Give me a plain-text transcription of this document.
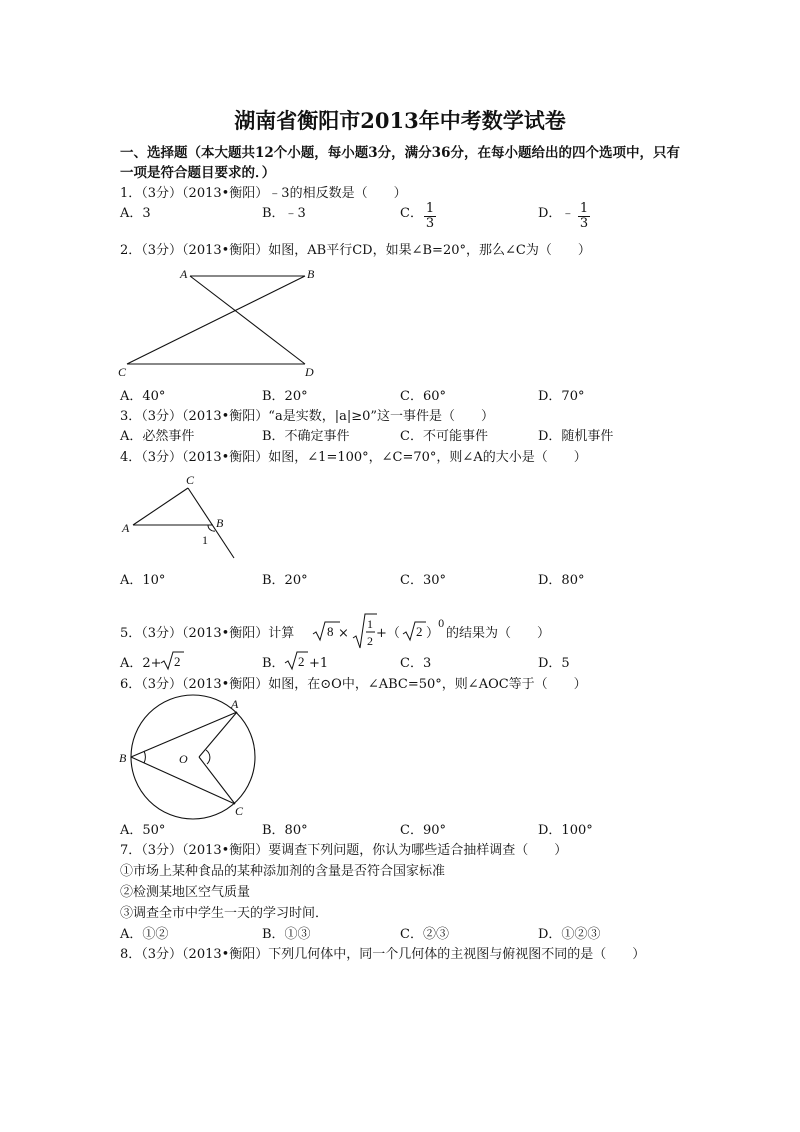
湖南省衡阳市2013年中考数学试卷
一、选择题（本大题共12个小题，每小题3分，满分36分，在每小题给出的四个选项中，只有
一项是符合题目要求的．）
1．（3分）（2013•衡阳）﹣3的相反数是（　　）
A．3	B．﹣3	C． $\frac{1}{3}$	D．﹣ $\frac{1}{3}$
2．（3分）（2013•衡阳）如图，AB平行CD，如果∠B=20°，那么∠C为（　　）
A	B
C	D
A．40°	B．20°	C．60°	D．70°
3．（3分）（2013•衡阳）“a是实数，|a|≥0”这一事件是（　　）
A．必然事件	B．不确定事件	C．不可能事件	D．随机事件
4．（3分）（2013•衡阳）如图，∠1=100°，∠C=70°，则∠A的大小是（　　）
A
C
B
1
A．10°	B．20°	C．30°	D．80°
5．（3分）（2013•衡阳）计算	8 ×
1
2 +（ 2 ）
0
的结果为（　　）
A．2+ 2	B． 2 +1	C．3	D．5
6．（3分）（2013•衡阳）如图，在⊙O中，∠ABC=50°，则∠AOC等于（　　）
A
B
C
O
A．50°	B．80°	C．90°	D．100°
7．（3分）（2013•衡阳）要调查下列问题，你认为哪些适合抽样调查（　　）
①市场上某种食品的某种添加剂的含量是否符合国家标准
②检测某地区空气质量
③调查全市中学生一天的学习时间．
A．①②	B．①③	C．②③	D．①②③
8．（3分）（2013•衡阳）下列几何体中，同一个几何体的主视图与俯视图不同的是（　　）
